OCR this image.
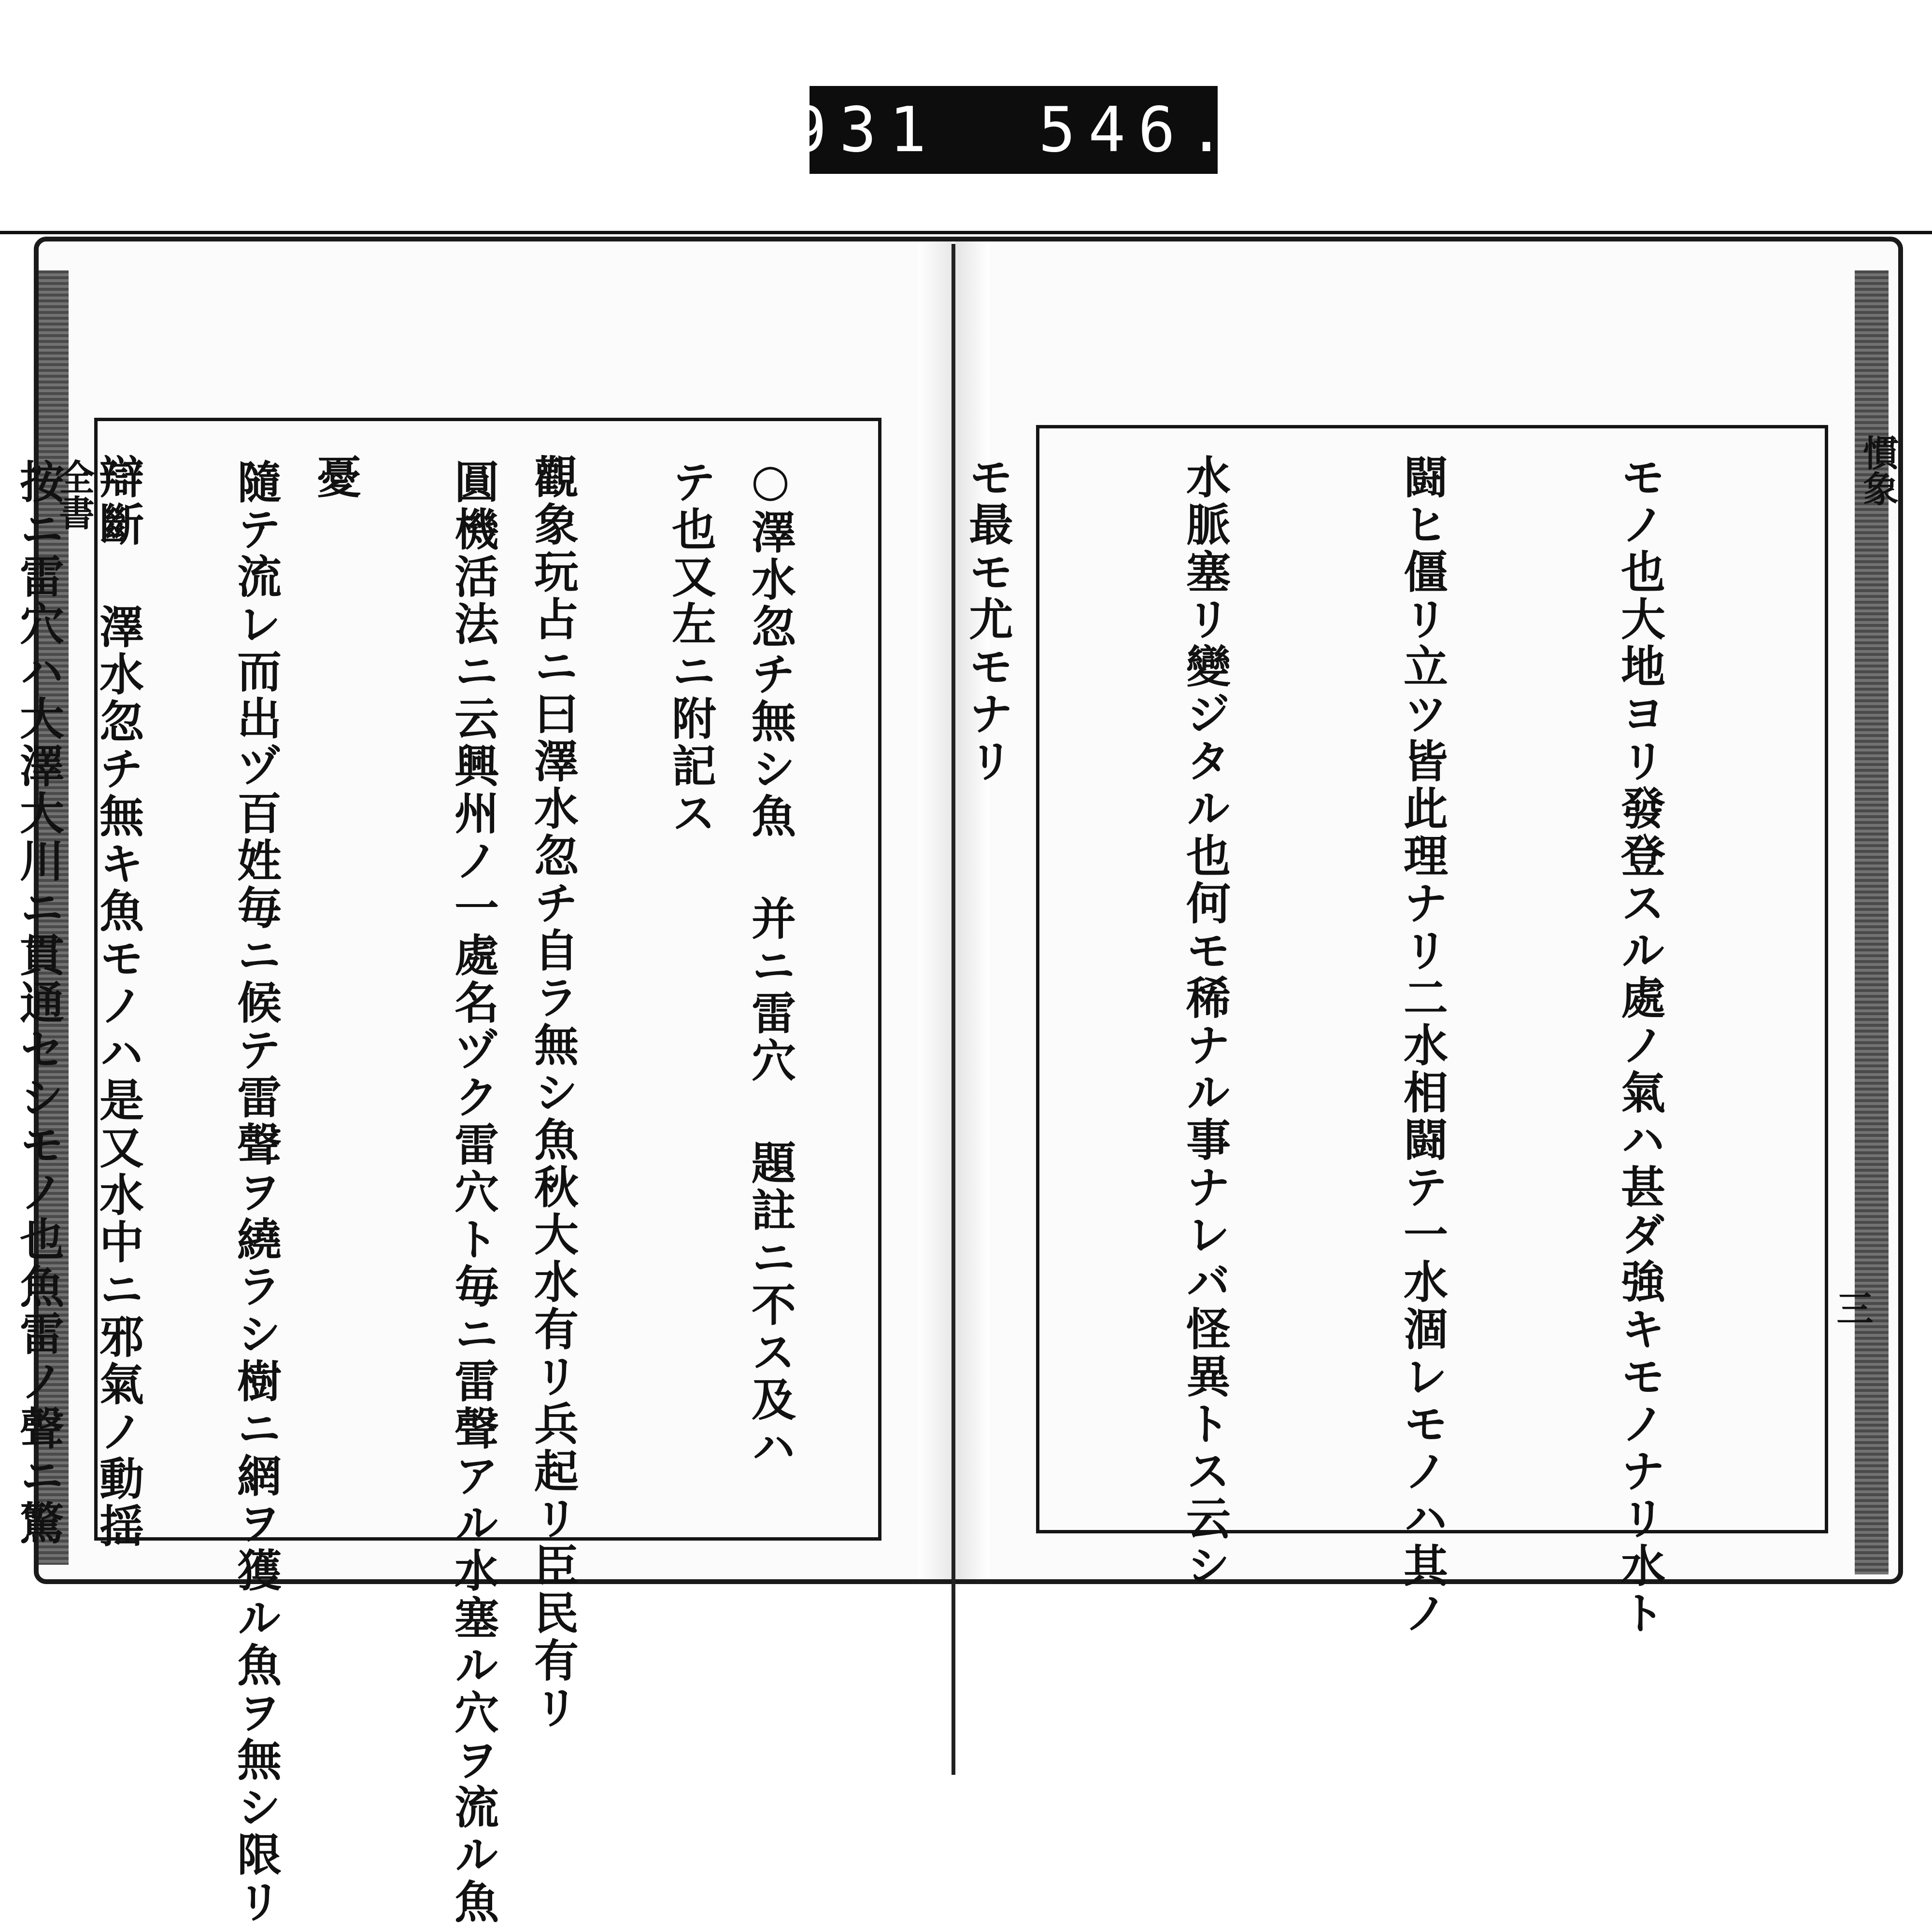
931  546.
全書	慣象
三

テ也又左ニ附記ス

圓機活法ニ云興州ノ一處名ヅク雷穴ト毎ニ雷聲アル水塞ル穴ヲ流ル魚

隨テ流レ而出ヅ百姓毎ニ候テ雷聲ヲ繞ラシ樹ニ網ヲ獲ル魚ヲ無シ限リ

按ニ雷穴ハ大澤大川ニ貫通セシモノ也魚雷ノ聲ニ驚

	モノ也大地ヨリ發登スル處ノ氣ハ甚ダ強キモノナリ水ト

闘ヒ僵リ立ツ皆此理ナリ二水相闘テ一水涸レモノハ其ノ

水脈塞リ變ジタル也何モ稀ナル事ナレバ怪異トス云シ

モ最モ尤モナリ

○澤水忽チ無シ魚 并ニ雷穴 題註ニ不ス及ハ

觀象玩占ニ曰澤水忽チ自ラ無シ魚秋大水有リ兵起リ臣民有リ

憂

辯斷 澤水忽チ無キ魚モノハ是又水中ニ邪氣ノ動揺
